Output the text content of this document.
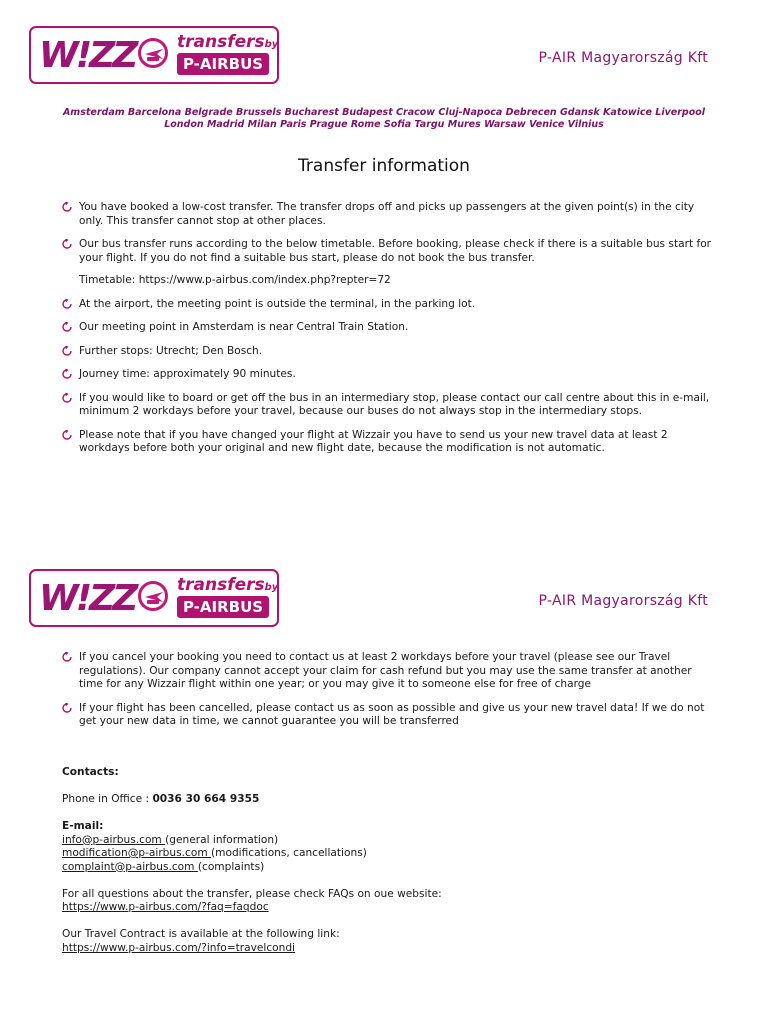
W!ZZ transfersby
P-AIRBUS	P-AIR Magyarország Kft
Amsterdam Barcelona Belgrade Brussels Bucharest Budapest Cracow Cluj-Napoca Debrecen Gdansk Katowice Liverpool
London Madrid Milan Paris Prague Rome Sofia Targu Mures Warsaw Venice Vilnius
Transfer information
You have booked a low-cost transfer. The transfer drops off and picks up passengers at the given point(s) in the city only. This transfer cannot stop at other places.
Our bus transfer runs according to the below timetable. Before booking, please check if there is a suitable bus start for your flight. If you do not find a suitable bus start, please do not book the bus transfer.
Timetable: https://www.p-airbus.com/index.php?repter=72
At the airport, the meeting point is outside the terminal, in the parking lot.
Our meeting point in Amsterdam is near Central Train Station.
Further stops: Utrecht; Den Bosch.
Journey time: approximately 90 minutes.
If you would like to board or get off the bus in an intermediary stop, please contact our call centre about this in e-mail, minimum 2 workdays before your travel, because our buses do not always stop in the intermediary stops.
Please note that if you have changed your flight at Wizzair you have to send us your new travel data at least 2 workdays before both your original and new flight date, because the modification is not automatic.
W!ZZ transfersby
P-AIRBUS	P-AIR Magyarország Kft
If you cancel your booking you need to contact us at least 2 workdays before your travel (please see our Travel regulations). Our company cannot accept your claim for cash refund but you may use the same transfer at another time for any Wizzair flight within one year; or you may give it to someone else for free of charge
If your flight has been cancelled, please contact us as soon as possible and give us your new travel data! If we do not get your new data in time, we cannot guarantee you will be transferred
Contacts:
Phone in Office : 0036 30 664 9355
E-mail:
info@p-airbus.com (general information)
modification@p-airbus.com (modifications, cancellations)
complaint@p-airbus.com (complaints)
For all questions about the transfer, please check FAQs on oue website:
https://www.p-airbus.com/?faq=faqdoc
Our Travel Contract is available at the following link:
https://www.p-airbus.com/?info=travelcondi
